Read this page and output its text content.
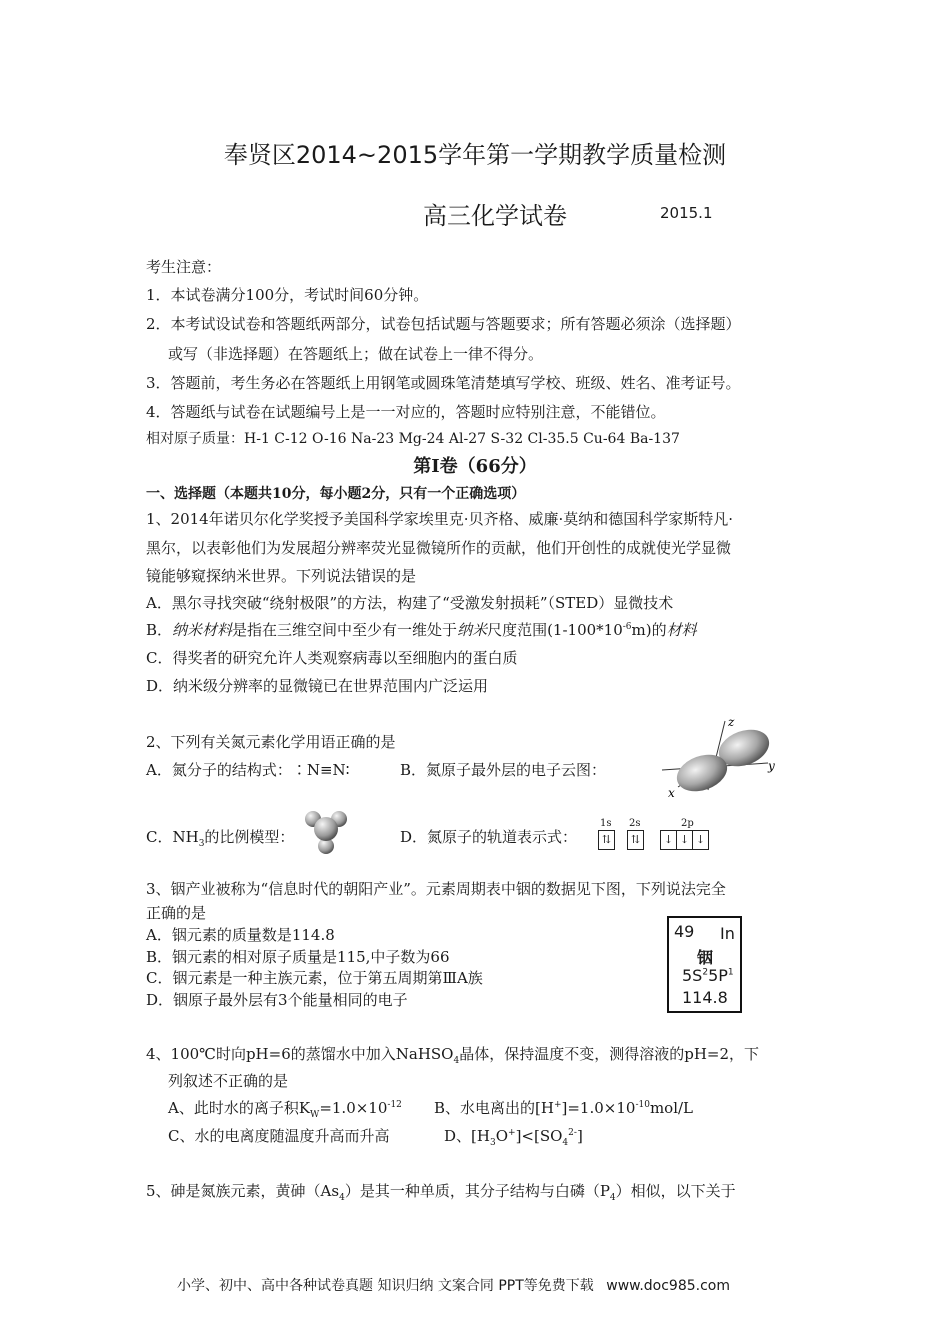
奉贤区2014~2015学年第一学期教学质量检测
高三化学试卷	2015.1
考生注意：
1．本试卷满分100分，考试时间60分钟。
2．本考试设试卷和答题纸两部分，试卷包括试题与答题要求；所有答题必须涂（选择题）
或写（非选择题）在答题纸上；做在试卷上一律不得分。
3．答题前，考生务必在答题纸上用钢笔或圆珠笔清楚填写学校、班级、姓名、准考证号。
4．答题纸与试卷在试题编号上是一一对应的，答题时应特别注意，不能错位。
相对原子质量：H-1 C-12 O-16 Na-23 Mg-24 Al-27 S-32 Cl-35.5 Cu-64 Ba-137
第Ⅰ卷（66分）
一、选择题（本题共10分，每小题2分，只有一个正确选项）
1、2014年诺贝尔化学奖授予美国科学家埃里克·贝齐格、威廉·莫纳和德国科学家斯特凡·
黑尔，以表彰他们为发展超分辨率荧光显微镜所作的贡献，他们开创性的成就使光学显微
镜能够窥探纳米世界。下列说法错误的是
A．黑尔寻找突破“绕射极限”的方法，构建了“受激发射损耗”（STED）显微技术
B．纳米材料是指在三维空间中至少有一维处于纳米尺度范围$(1-100*10^{-6}m)$的材料
C．得奖者的研究允许人类观察病毒以至细胞内的蛋白质
D．纳米级分辨率的显微镜已在世界范围内广泛运用
2、下列有关氮元素化学用语正确的是
A．氮分子的结构式：∶N≡N∶	B．氮原子最外层的电子云图：
z
y
x
C．$NH_3$的比例模型：	D．氮原子的轨道表示式：
1s 2s	2p
⇅	⇅	↓ ↓ ↓
3、铟产业被称为“信息时代的朝阳产业”。元素周期表中铟的数据见下图，下列说法完全
正确的是
A．铟元素的质量数是114.8
B．铟元素的相对原子质量是115,中子数为66
C．铟元素是一种主族元素，位于第五周期第ⅢA族
D．铟原子最外层有3个能量相同的电子
49 In
铟
$5S^25P^1$
114.8
4、100℃时向pH=6的蒸馏水中加入NaHSO$_4$晶体，保持温度不变，测得溶液的pH=2，下
列叙述不正确的是
A、此时水的离子积$K_W=1.0\times 10^{-12}$ B、水电离出的$[H^+]=1.0\times 10^{-10}mol/L$
C、水的电离度随温度升高而升高	D、$[H_3O^+]<[SO_4^{2-}]$
5、砷是氮族元素，黄砷$(As_4)$是其一种单质，其分子结构与白磷$(P_4)$相似，以下关于
小学、初中、高中各种试卷真题 知识归纳 文案合同 PPT等免费下载 www.doc985.com
